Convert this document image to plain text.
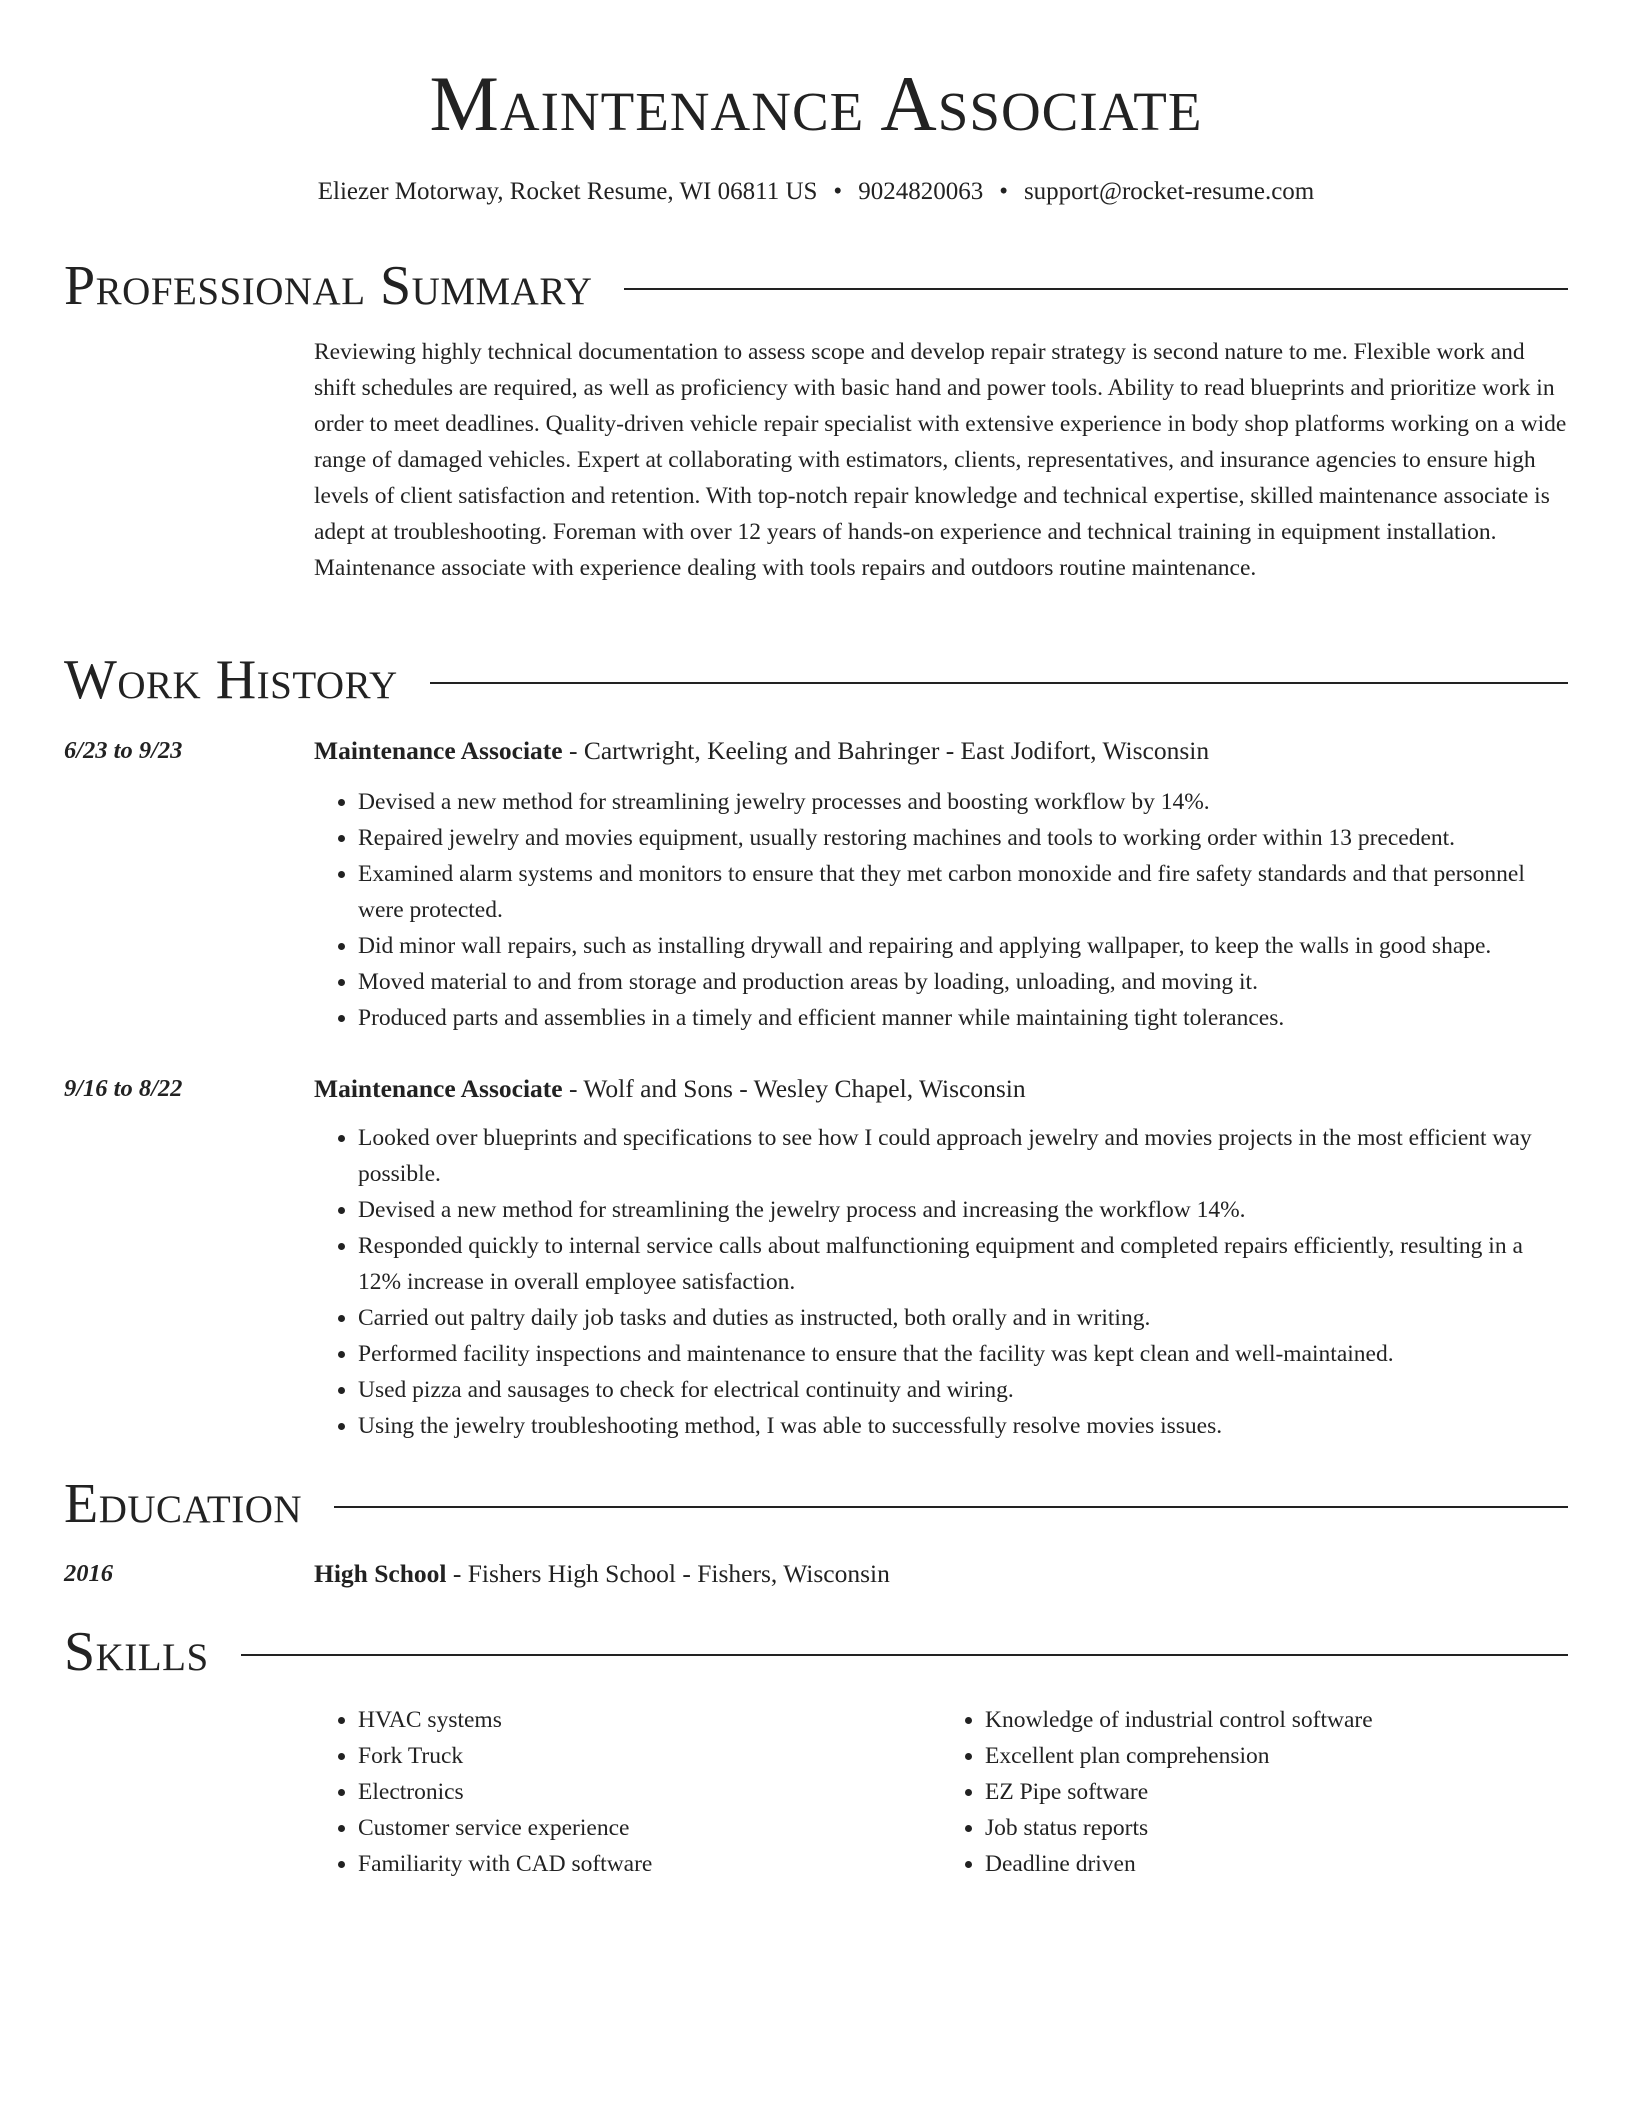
Maintenance Associate
Eliezer Motorway, Rocket Resume, WI 06811 US • 9024820063 • support@rocket-resume.com
Professional Summary
Reviewing highly technical documentation to assess scope and develop repair strategy is second nature to me. Flexible work and shift schedules are required, as well as proficiency with basic hand and power tools. Ability to read blueprints and prioritize work in order to meet deadlines. Quality-driven vehicle repair specialist with extensive experience in body shop platforms working on a wide range of damaged vehicles. Expert at collaborating with estimators, clients, representatives, and insurance agencies to ensure high levels of client satisfaction and retention. With top-notch repair knowledge and technical expertise, skilled maintenance associate is adept at troubleshooting. Foreman with over 12 years of hands-on experience and technical training in equipment installation. Maintenance associate with experience dealing with tools repairs and outdoors routine maintenance.
Work History
6/23 to 9/23	Maintenance Associate - Cartwright, Keeling and Bahringer - East Jodifort, Wisconsin
• Devised a new method for streamlining jewelry processes and boosting workflow by 14%.
• Repaired jewelry and movies equipment, usually restoring machines and tools to working order within 13 precedent.
• Examined alarm systems and monitors to ensure that they met carbon monoxide and fire safety standards and that personnel were protected.
• Did minor wall repairs, such as installing drywall and repairing and applying wallpaper, to keep the walls in good shape.
• Moved material to and from storage and production areas by loading, unloading, and moving it.
• Produced parts and assemblies in a timely and efficient manner while maintaining tight tolerances.
9/16 to 8/22	Maintenance Associate - Wolf and Sons - Wesley Chapel, Wisconsin
• Looked over blueprints and specifications to see how I could approach jewelry and movies projects in the most efficient way possible.
• Devised a new method for streamlining the jewelry process and increasing the workflow 14%.
• Responded quickly to internal service calls about malfunctioning equipment and completed repairs efficiently, resulting in a 12% increase in overall employee satisfaction.
• Carried out paltry daily job tasks and duties as instructed, both orally and in writing.
• Performed facility inspections and maintenance to ensure that the facility was kept clean and well-maintained.
• Used pizza and sausages to check for electrical continuity and wiring.
• Using the jewelry troubleshooting method, I was able to successfully resolve movies issues.
Education
2016	High School - Fishers High School - Fishers, Wisconsin
Skills
• HVAC systems
• Fork Truck
• Electronics
• Customer service experience
• Familiarity with CAD software
• Knowledge of industrial control software
• Excellent plan comprehension
• EZ Pipe software
• Job status reports
• Deadline driven
